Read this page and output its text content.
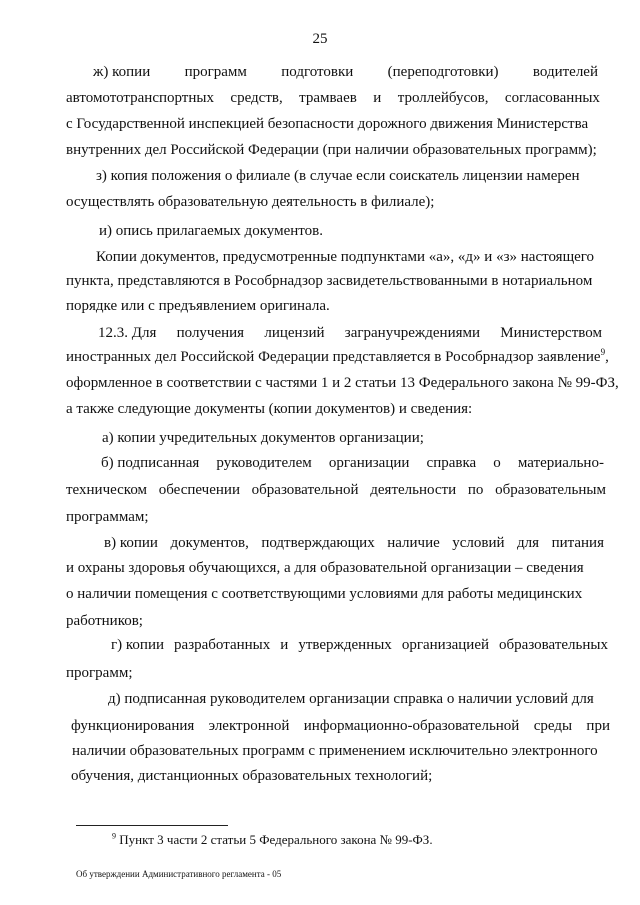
25
ж) копии программ подготовки (переподготовки) водителей
автомототранспортных средств, трамваев и троллейбусов, согласованных
с Государственной инспекцией безопасности дорожного движения Министерства
внутренних дел Российской Федерации (при наличии образовательных программ);
з) копия положения о филиале (в случае если соискатель лицензии намерен
осуществлять образовательную деятельность в филиале);
и) опись прилагаемых документов.
Копии документов, предусмотренные подпунктами «а», «д» и «з» настоящего
пункта, представляются в Рособрнадзор засвидетельствованными в нотариальном
порядке или с предъявлением оригинала.
12.3. Для получения лицензий загранучреждениями Министерством
иностранных дел Российской Федерации представляется в Рособрнадзор заявление$^9$,
оформленное в соответствии с частями 1 и 2 статьи 13 Федерального закона № 99-ФЗ,
а также следующие документы (копии документов) и сведения:
а) копии учредительных документов организации;
б) подписанная руководителем организации справка о материально-
техническом обеспечении образовательной деятельности по образовательным
программам;
в) копии документов, подтверждающих наличие условий для питания
и охраны здоровья обучающихся, а для образовательной организации – сведения
о наличии помещения с соответствующими условиями для работы медицинских
работников;
г) копии разработанных и утвержденных организацией образовательных
программ;
д) подписанная руководителем организации справка о наличии условий для
функционирования электронной информационно-образовательной среды при
наличии образовательных программ с применением исключительно электронного
обучения, дистанционных образовательных технологий;
$^9$ Пункт 3 части 2 статьи 5 Федерального закона № 99-ФЗ.
Об утверждении Административного регламента - 05
